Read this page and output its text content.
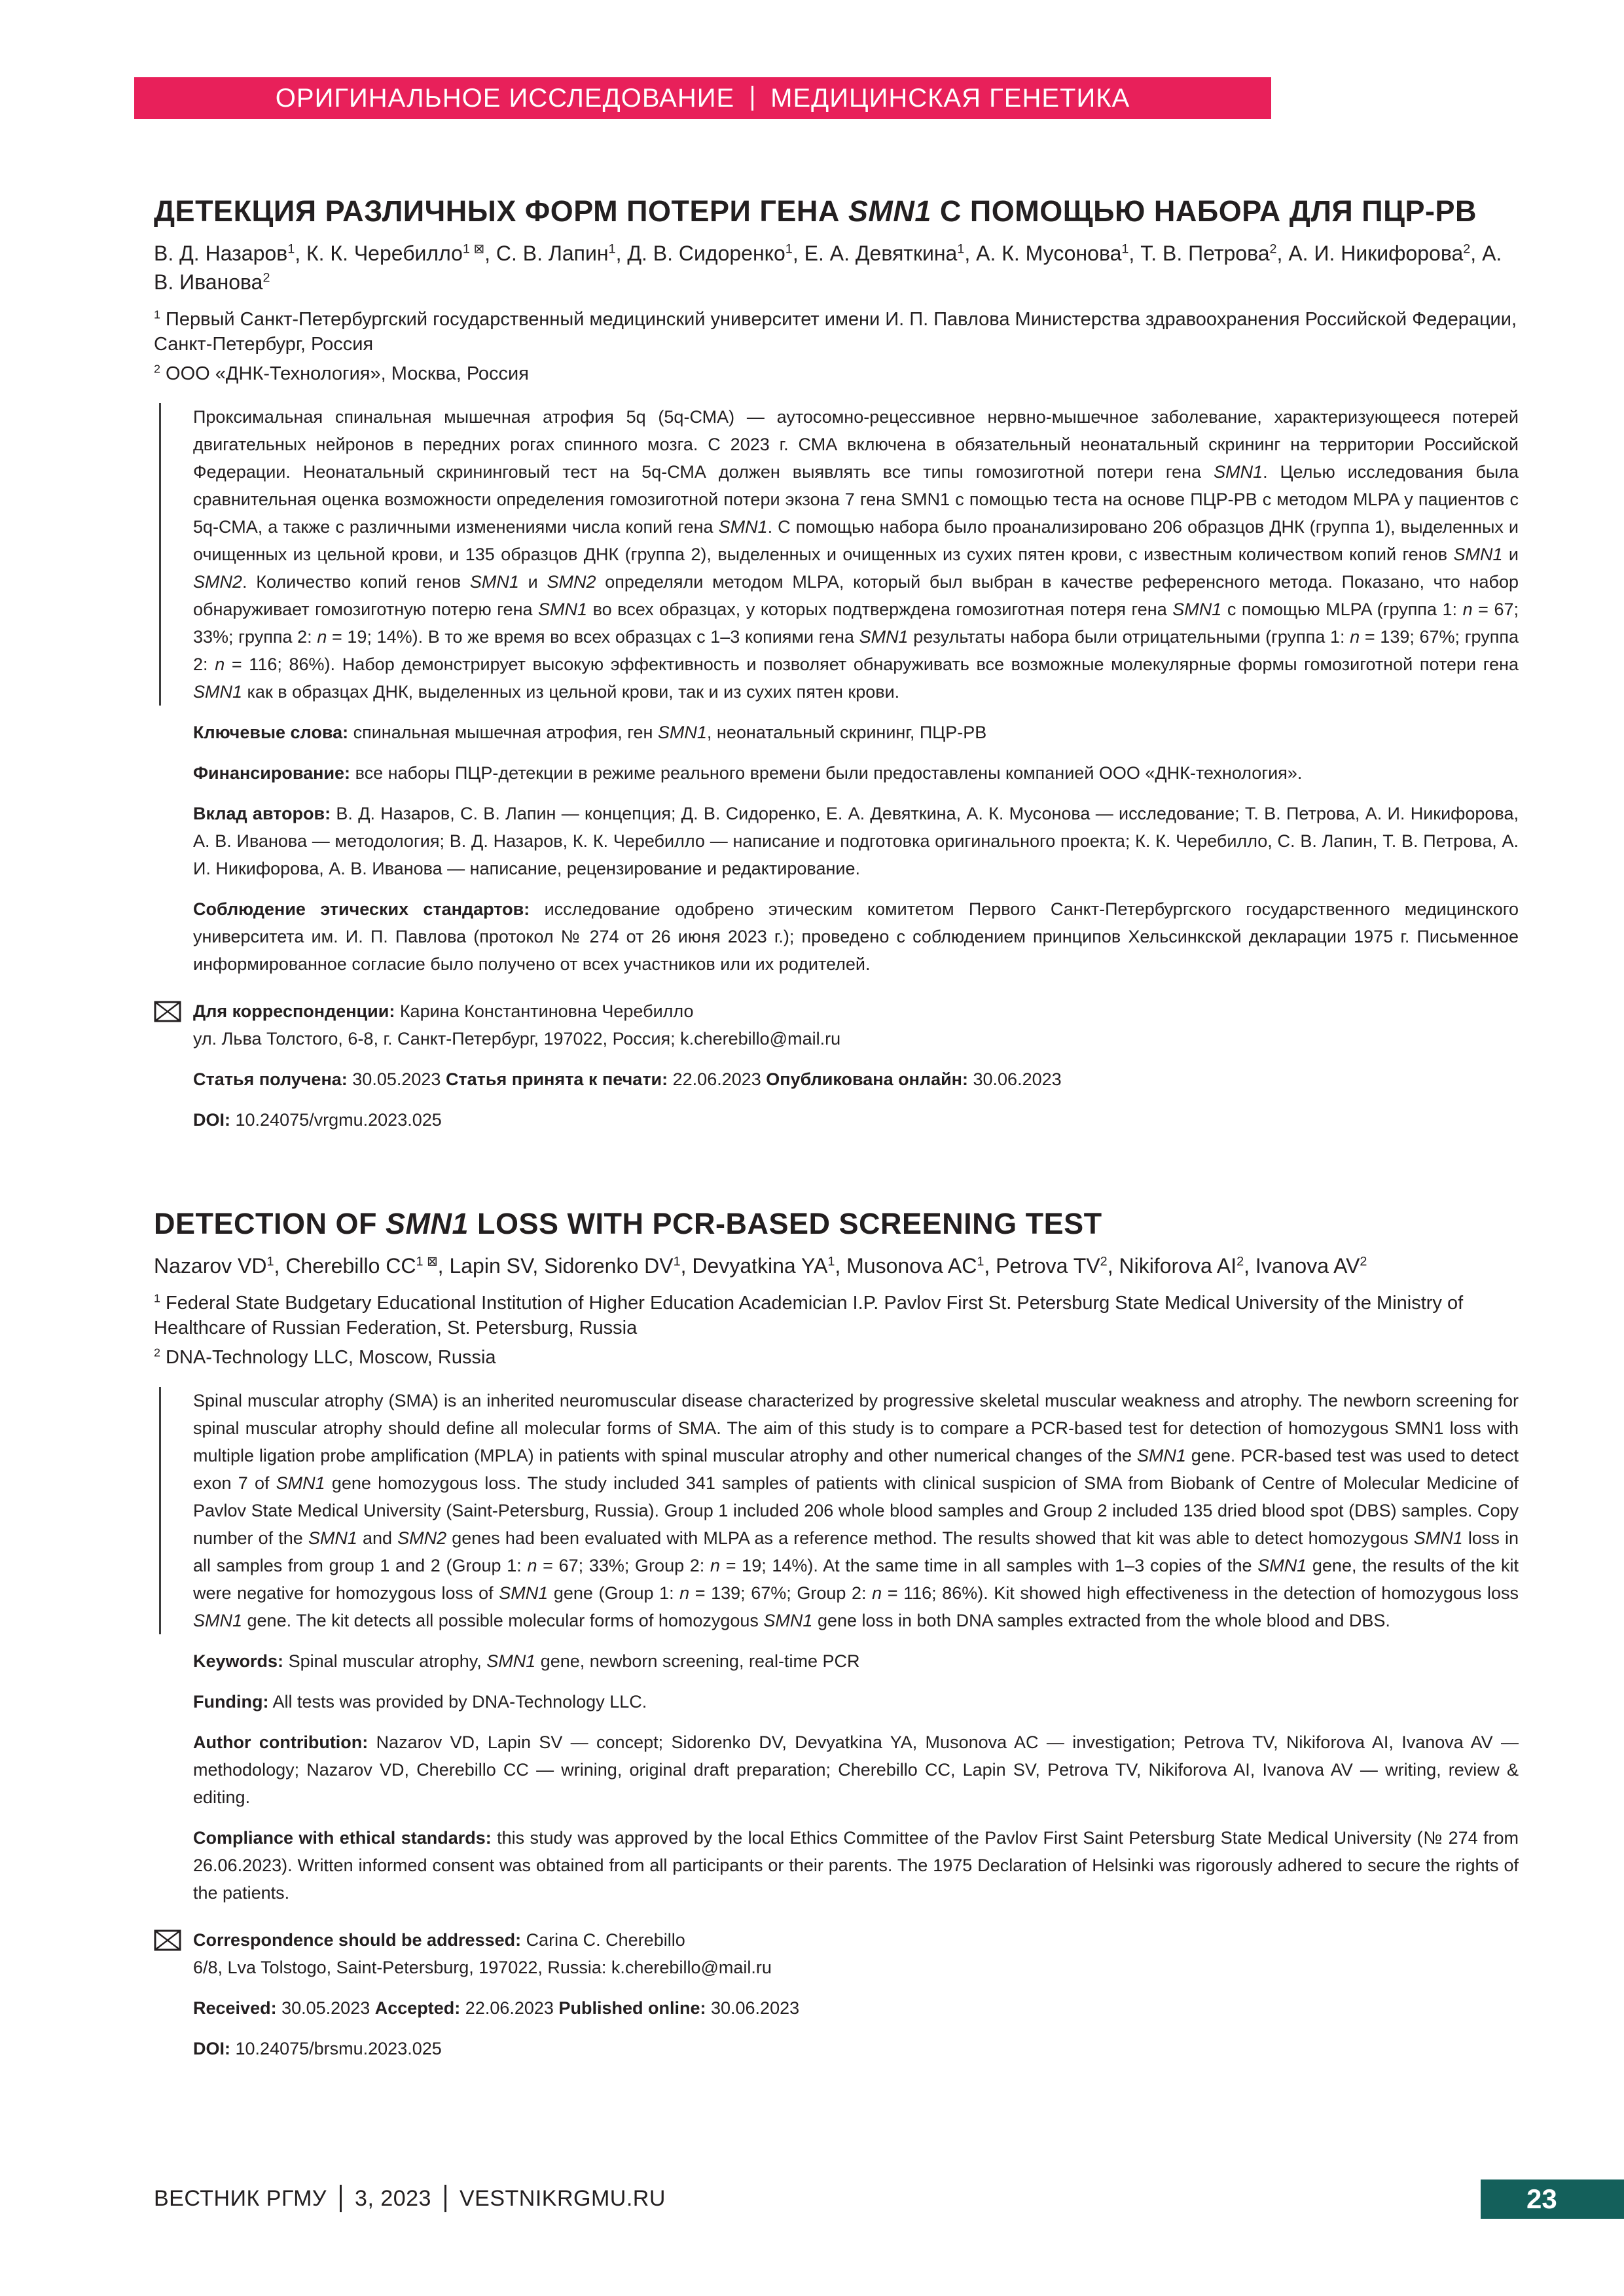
ОРИГИНАЛЬНОЕ ИССЛЕДОВАНИЕ МЕДИЦИНСКАЯ ГЕНЕТИКА
ДЕТЕКЦИЯ РАЗЛИЧНЫХ ФОРМ ПОТЕРИ ГЕНА SMN1 С ПОМОЩЬЮ НАБОРА ДЛЯ ПЦР-РВ

В. Д. Назаров$^1$, К. К. Черебилло$^{1 ⊠}$, С. В. Лапин$^1$, Д. В. Сидоренко$^1$, Е. А. Девяткина$^1$, А. К. Мусонова$^1$, Т. В. Петрова$^2$, А. И. Никифорова$^2$, А. В. Иванова$^2$

$^1$ Первый Санкт-Петербургский государственный медицинский университет имени И. П. Павлова Министерства здравоохранения Российской Федерации, Санкт-Петербург, Россия

$^2$ ООО «ДНК-Технология», Москва, Россия

Проксимальная спинальная мышечная атрофия 5q (5q-СМА) — аутосомно-рецессивное нервно-мышечное заболевание, характеризующееся потерей двигательных нейронов в передних рогах спинного мозга. С 2023 г. СМА включена в обязательный неонатальный скрининг на территории Российской Федерации. Неонатальный скрининговый тест на 5q-СМА должен выявлять все типы гомозиготной потери гена SMN1. Целью исследования была сравнительная оценка возможности определения гомозиготной потери экзона 7 гена SMN1 с помощью теста на основе ПЦР-РВ с методом MLPA у пациентов с 5q-СМА, а также с различными изменениями числа копий гена SMN1. С помощью набора было проанализировано 206 образцов ДНК (группа 1), выделенных и очищенных из цельной крови, и 135 образцов ДНК (группа 2), выделенных и очищенных из сухих пятен крови, с известным количеством копий генов SMN1 и SMN2. Количество копий генов SMN1 и SMN2 определяли методом MLPA, который был выбран в качестве референсного метода. Показано, что набор обнаруживает гомозиготную потерю гена SMN1 во всех образцах, у которых подтверждена гомозиготная потеря гена SMN1 с помощью MLPA (группа 1: n = 67; 33%; группа 2: n = 19; 14%). В то же время во всех образцах с 1–3 копиями гена SMN1 результаты набора были отрицательными (группа 1: n = 139; 67%; группа 2: n = 116; 86%). Набор демонстрирует высокую эффективность и позволяет обнаруживать все возможные молекулярные формы гомозиготной потери гена SMN1 как в образцах ДНК, выделенных из цельной крови, так и из сухих пятен крови.

Ключевые слова: спинальная мышечная атрофия, ген SMN1, неонатальный скрининг, ПЦР-РВ

Финансирование: все наборы ПЦР-детекции в режиме реального времени были предоставлены компанией ООО «ДНК-технология».

Вклад авторов: В. Д. Назаров, С. В. Лапин — концепция; Д. В. Сидоренко, Е. А. Девяткина, А. К. Мусонова — исследование; Т. В. Петрова, А. И. Никифорова, А. В. Иванова — методология; В. Д. Назаров, К. К. Черебилло — написание и подготовка оригинального проекта; К. К. Черебилло, С. В. Лапин, Т. В. Петрова, А. И. Никифорова, А. В. Иванова — написание, рецензирование и редактирование.

Соблюдение этических стандартов: исследование одобрено этическим комитетом Первого Санкт-Петербургского государственного медицинского университета им. И. П. Павлова (протокол № 274 от 26 июня 2023 г.); проведено с соблюдением принципов Хельсинкской декларации 1975 г. Письменное информированное согласие было получено от всех участников или их родителей.

Для корреспонденции: Карина Константиновна Черебилло

ул. Льва Толстого, 6-8, г. Санкт-Петербург, 197022, Россия; k.cherebillo@mail.ru

Статья получена: 30.05.2023 Статья принята к печати: 22.06.2023 Опубликована онлайн: 30.06.2023

DOI: 10.24075/vrgmu.2023.025

DETECTION OF SMN1 LOSS WITH PCR-BASED SCREENING TEST

Nazarov $VD^1$, Cherebillo $CC^{1 ⊠}$, Lapin SV, Sidorenko $DV^1$, Devyatkina $YA^1$, Musonova $AC^1$, Petrova $TV^2$, Nikiforova $AI^2$, Ivanova $AV^2$

$^1$ Federal State Budgetary Educational Institution of Higher Education Academician I.P. Pavlov First St. Petersburg State Medical University of the Ministry of Healthcare of Russian Federation, St. Petersburg, Russia

$^2$ DNA-Technology LLC, Moscow, Russia

Spinal muscular atrophy (SMA) is an inherited neuromuscular disease characterized by progressive skeletal muscular weakness and atrophy. The newborn screening for spinal muscular atrophy should define all molecular forms of SMA. The aim of this study is to compare a PCR-based test for detection of homozygous SMN1 loss with multiple ligation probe amplification (MPLA) in patients with spinal muscular atrophy and other numerical changes of the SMN1 gene. PCR-based test was used to detect exon 7 of SMN1 gene homozygous loss. The study included 341 samples of patients with clinical suspicion of SMA from Biobank of Centre of Molecular Medicine of Pavlov State Medical University (Saint-Petersburg, Russia). Group 1 included 206 whole blood samples and Group 2 included 135 dried blood spot (DBS) samples. Copy number of the SMN1 and SMN2 genes had been evaluated with MLPA as a reference method. The results showed that kit was able to detect homozygous SMN1 loss in all samples from group 1 and 2 (Group 1: n = 67; 33%; Group 2: n = 19; 14%). At the same time in all samples with 1–3 copies of the SMN1 gene, the results of the kit were negative for homozygous loss of SMN1 gene (Group 1: n = 139; 67%; Group 2: n = 116; 86%). Kit showed high effectiveness in the detection of homozygous loss SMN1 gene. The kit detects all possible molecular forms of homozygous SMN1 gene loss in both DNA samples extracted from the whole blood and DBS.

Keywords: Spinal muscular atrophy, SMN1 gene, newborn screening, real-time PCR

Funding: All tests was provided by DNA-Technology LLC.

Author contribution: Nazarov VD, Lapin SV — concept; Sidorenko DV, Devyatkina YA, Musonova AC — investigation; Petrova TV, Nikiforova AI, Ivanova AV — methodology; Nazarov VD, Cherebillo CC — wrining, original draft preparation; Cherebillo CC, Lapin SV, Petrova TV, Nikiforova AI, Ivanova AV — writing, review & editing.

Compliance with ethical standards: this study was approved by the local Ethics Committee of the Pavlov First Saint Petersburg State Medical University (№ 274 from 26.06.2023). Written informed consent was obtained from all participants or their parents. The 1975 Declaration of Helsinki was rigorously adhered to secure the rights of the patients.

Correspondence should be addressed: Carina C. Cherebillo

6/8, Lva Tolstogo, Saint-Petersburg, 197022, Russia: k.cherebillo@mail.ru

Received: 30.05.2023 Accepted: 22.06.2023 Published online: 30.06.2023

DOI: 10.24075/brsmu.2023.025

ВЕСТНИК РГМУ 3, 2023 VESTNIKRGMU.RU	23
